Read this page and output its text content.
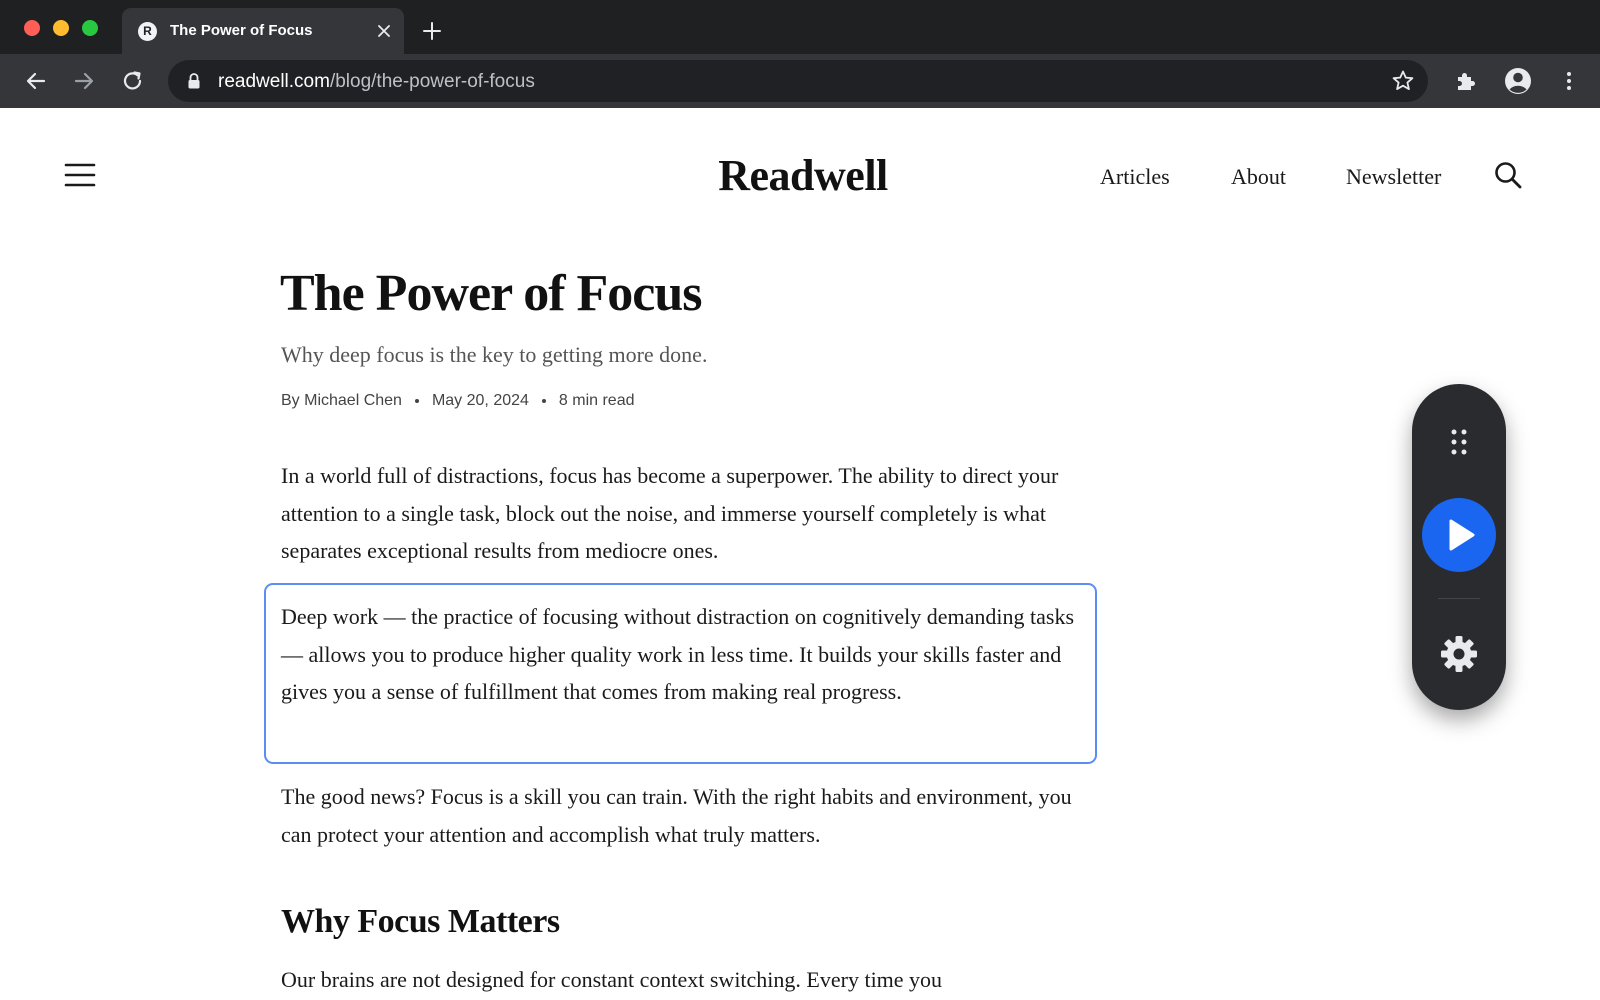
R	The Power of Focus
readwell.com/blog/the-power-of-focus
Readwell	Articles	About	Newsletter
The Power of Focus
Why deep focus is the key to getting more done.
By Michael Chen May 20, 2024 8 min read

In a world full of distractions, focus has become a superpower. The ability to direct your attention to a single task, block out the noise, and immerse yourself completely is what separates exceptional results from mediocre ones.

Deep work — the practice of focusing without distraction on cognitively demanding tasks — allows you to produce higher quality work in less time. It builds your skills faster and gives you a sense of fulfillment that comes from making real progress.

The good news? Focus is a skill you can train. With the right habits and environment, you can protect your attention and accomplish what truly matters.

Why Focus Matters

Our brains are not designed for constant context switching. Every time you
